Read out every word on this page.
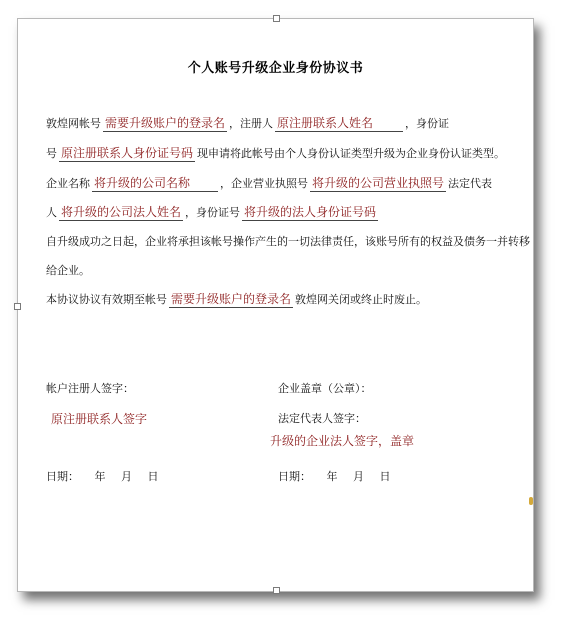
个人账号升级企业身份协议书
敦煌网帐号 需要升级账户的登录名 ，注册人 原注册联系人姓名	，身份证
号 原注册联系人身份证号码 现申请将此帐号由个人身份认证类型升级为企业身份认证类型。
企业名称 将升级的公司名称	，企业营业执照号 将升级的公司营业执照号 法定代表
人 将升级的公司法人姓名 ，身份证号 将升级的法人身份证号码
自升级成功之日起，企业将承担该帐号操作产生的一切法律责任，该账号所有的权益及债务一并转移
给企业。
本协议协议有效期至帐号 需要升级账户的登录名 敦煌网关闭或终止时废止。
帐户注册人签字：
原注册联系人签字
企业盖章（公章）：
法定代表人签字：
升级的企业法人签字，盖章
日期： 年 月 日	日期： 年 月 日
